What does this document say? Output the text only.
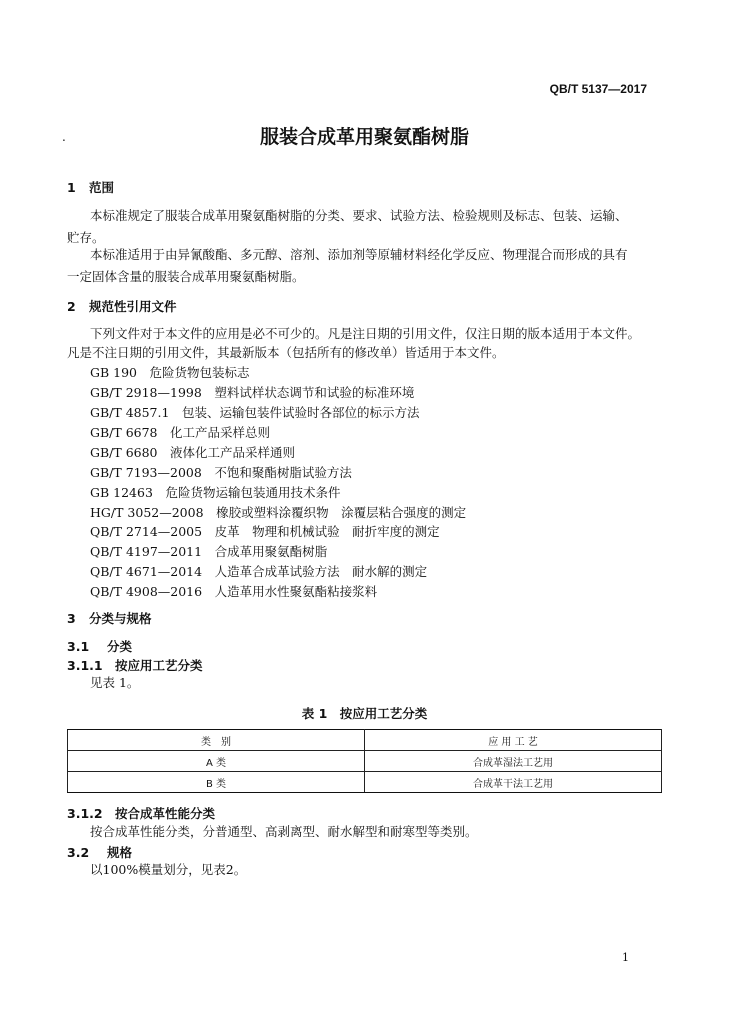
QB/T 5137—2017
.	服装合成革用聚氨酯树脂
1 范围
本标准规定了服装合成革用聚氨酯树脂的分类、要求、试验方法、检验规则及标志、包装、运输、
贮存。
本标准适用于由异氰酸酯、多元醇、溶剂、添加剂等原辅材料经化学反应、物理混合而形成的具有
一定固体含量的服装合成革用聚氨酯树脂。
2 规范性引用文件
下列文件对于本文件的应用是必不可少的。凡是注日期的引用文件，仅注日期的版本适用于本文件。
凡是不注日期的引用文件，其最新版本（包括所有的修改单）皆适用于本文件。
GB 190　 危险货物包装标志
GB/T 2918—1998　 塑料试样状态调节和试验的标准环境
GB/T 4857.1　 包装、运输包装件试验时各部位的标示方法
GB/T 6678　 化工产品采样总则
GB/T 6680　 液体化工产品采样通则
GB/T 7193—2008　 不饱和聚酯树脂试验方法
GB 12463　 危险货物运输包装通用技术条件
HG/T 3052—2008　 橡胶或塑料涂覆织物　涂覆层粘合强度的测定
QB/T 2714—2005　 皮革　物理和机械试验　耐折牢度的测定
QB/T 4197—2011　 合成革用聚氨酯树脂
QB/T 4671—2014　 人造革合成革试验方法　耐水解的测定
QB/T 4908—2016　 人造革用水性聚氨酯粘接浆料
3 分类与规格
3.1 分类
3.1.1 按应用工艺分类
见表 1。
表 1　按应用工艺分类
类　别	应 用 工 艺
A 类	合成革湿法工艺用
B 类	合成革干法工艺用
3.1.2 按合成革性能分类
按合成革性能分类，分普通型、高剥离型、耐水解型和耐寒型等类别。
3.2 规格
以100%模量划分，见表2。
1
